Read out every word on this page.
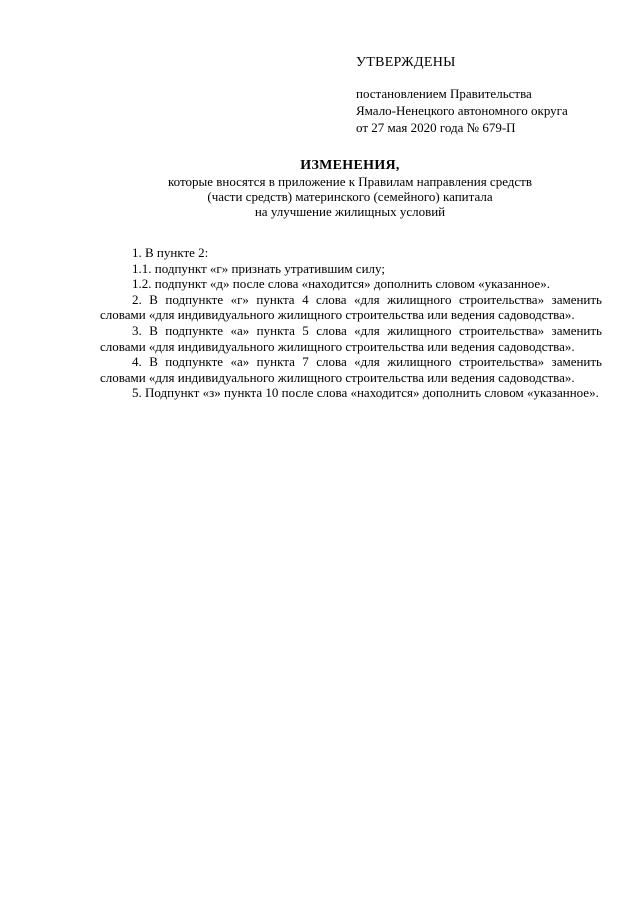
УТВЕРЖДЕНЫ
постановлением Правительства
Ямало-Ненецкого автономного округа
от 27 мая 2020 года № 679-П
ИЗМЕНЕНИЯ,
которые вносятся в приложение к Правилам направления средств
(части средств) материнского (семейного) капитала
на улучшение жилищных условий

1. В пункте 2:

1.1. подпункт «г» признать утратившим силу;

1.2. подпункт «д» после слова «находится» дополнить словом «указанное».

2. В подпункте «г» пункта 4 слова «для жилищного строительства» заменить словами «для индивидуального жилищного строительства или ведения садоводства».

3. В подпункте «а» пункта 5 слова «для жилищного строительства» заменить словами «для индивидуального жилищного строительства или ведения садоводства».

4. В подпункте «а» пункта 7 слова «для жилищного строительства» заменить словами «для индивидуального жилищного строительства или ведения садоводства».

5. Подпункт «з» пункта 10 после слова «находится» дополнить словом «указанное».
